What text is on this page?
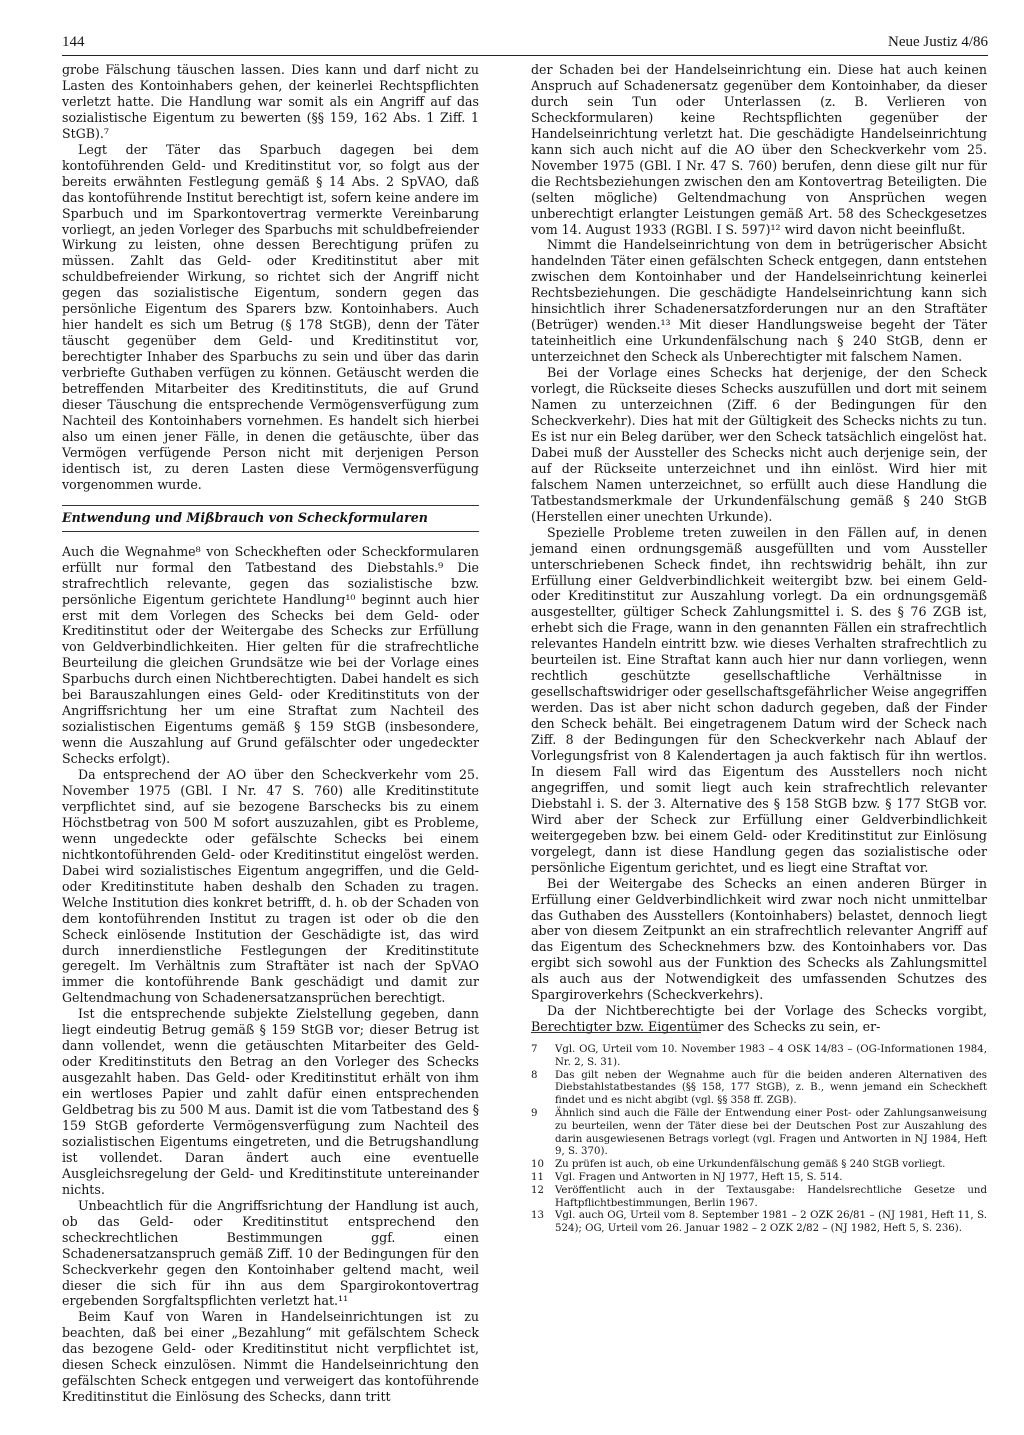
144	Neue Justiz 4/86

grobe Fälschung täuschen lassen. Dies kann und darf nicht zu Lasten des Kontoinhabers gehen, der keinerlei Rechtspflichten verletzt hatte. Die Handlung war somit als ein Angriff auf das sozialistische Eigentum zu bewerten (§§ 159, 162 Abs. 1 Ziff. 1 StGB).⁷

Legt der Täter das Sparbuch dagegen bei dem kontoführenden Geld- und Kreditinstitut vor, so folgt aus der bereits erwähnten Festlegung gemäß § 14 Abs. 2 SpVAO, daß das kontoführende Institut berechtigt ist, sofern keine andere im Sparbuch und im Sparkontovertrag vermerkte Vereinbarung vorliegt, an jeden Vorleger des Sparbuchs mit schuldbefreiender Wirkung zu leisten, ohne dessen Berechtigung prüfen zu müssen. Zahlt das Geld- oder Kreditinstitut aber mit schuldbefreiender Wirkung, so richtet sich der Angriff nicht gegen das sozialistische Eigentum, sondern gegen das persönliche Eigentum des Sparers bzw. Kontoinhabers. Auch hier handelt es sich um Betrug (§ 178 StGB), denn der Täter täuscht gegenüber dem Geld- und Kreditinstitut vor, berechtigter Inhaber des Sparbuchs zu sein und über das darin verbriefte Guthaben verfügen zu können. Getäuscht werden die betreffenden Mitarbeiter des Kreditinstituts, die auf Grund dieser Täuschung die entsprechende Vermögensverfügung zum Nachteil des Kontoinhabers vornehmen. Es handelt sich hierbei also um einen jener Fälle, in denen die getäuschte, über das Vermögen verfügende Person nicht mit derjenigen Person identisch ist, zu deren Lasten diese Vermögensverfügung vorgenommen wurde.

Entwendung und Mißbrauch von Scheckformularen

Auch die Wegnahme⁸ von Scheckheften oder Scheckformularen erfüllt nur formal den Tatbestand des Diebstahls.⁹ Die strafrechtlich relevante, gegen das sozialistische bzw. persönliche Eigentum gerichtete Handlung¹⁰ beginnt auch hier erst mit dem Vorlegen des Schecks bei dem Geld- oder Kreditinstitut oder der Weitergabe des Schecks zur Erfüllung von Geldverbindlichkeiten. Hier gelten für die strafrechtliche Beurteilung die gleichen Grundsätze wie bei der Vorlage eines Sparbuchs durch einen Nichtberechtigten. Dabei handelt es sich bei Barauszahlungen eines Geld- oder Kreditinstituts von der Angriffsrichtung her um eine Straftat zum Nachteil des sozialistischen Eigentums gemäß § 159 StGB (insbesondere, wenn die Auszahlung auf Grund gefälschter oder ungedeckter Schecks erfolgt).

Da entsprechend der AO über den Scheckverkehr vom 25. November 1975 (GBl. I Nr. 47 S. 760) alle Kreditinstitute verpflichtet sind, auf sie bezogene Barschecks bis zu einem Höchstbetrag von 500 M sofort auszuzahlen, gibt es Probleme, wenn ungedeckte oder gefälschte Schecks bei einem nichtkontoführenden Geld- oder Kreditinstitut eingelöst werden. Dabei wird sozialistisches Eigentum angegriffen, und die Geld- oder Kreditinstitute haben deshalb den Schaden zu tragen. Welche Institution dies konkret betrifft, d. h. ob der Schaden von dem kontoführenden Institut zu tragen ist oder ob die den Scheck einlösende Institution der Geschädigte ist, das wird durch innerdienstliche Festlegungen der Kreditinstitute geregelt. Im Verhältnis zum Straftäter ist nach der SpVAO immer die kontoführende Bank geschädigt und damit zur Geltendmachung von Schadenersatzansprüchen berechtigt.

Ist die entsprechende subjekte Zielstellung gegeben, dann liegt eindeutig Betrug gemäß § 159 StGB vor; dieser Betrug ist dann vollendet, wenn die getäuschten Mitarbeiter des Geld- oder Kreditinstituts den Betrag an den Vorleger des Schecks ausgezahlt haben. Das Geld- oder Kreditinstitut erhält von ihm ein wertloses Papier und zahlt dafür einen entsprechenden Geldbetrag bis zu 500 M aus. Damit ist die vom Tatbestand des § 159 StGB geforderte Vermögensverfügung zum Nachteil des sozialistischen Eigentums eingetreten, und die Betrugshandlung ist vollendet. Daran ändert auch eine eventuelle Ausgleichsregelung der Geld- und Kreditinstitute untereinander nichts.

Unbeachtlich für die Angriffsrichtung der Handlung ist auch, ob das Geld- oder Kreditinstitut entsprechend den scheckrechtlichen Bestimmungen ggf. einen Schadenersatzanspruch gemäß Ziff. 10 der Bedingungen für den Scheckverkehr gegen den Kontoinhaber geltend macht, weil dieser die sich für ihn aus dem Spargirokontovertrag ergebenden Sorgfaltspflichten verletzt hat.¹¹

Beim Kauf von Waren in Handelseinrichtungen ist zu beachten, daß bei einer „Bezahlung“ mit gefälschtem Scheck das bezogene Geld- oder Kreditinstitut nicht verpflichtet ist, diesen Scheck einzulösen. Nimmt die Handelseinrichtung den gefälschten Scheck entgegen und verweigert das kontoführende Kreditinstitut die Einlösung des Schecks, dann tritt

der Schaden bei der Handelseinrichtung ein. Diese hat auch keinen Anspruch auf Schadenersatz gegenüber dem Kontoinhaber, da dieser durch sein Tun oder Unterlassen (z. B. Verlieren von Scheckformularen) keine Rechtspflichten gegenüber der Handelseinrichtung verletzt hat. Die geschädigte Handelseinrichtung kann sich auch nicht auf die AO über den Scheckverkehr vom 25. November 1975 (GBl. I Nr. 47 S. 760) berufen, denn diese gilt nur für die Rechtsbeziehungen zwischen den am Kontovertrag Beteiligten. Die (selten mögliche) Geltendmachung von Ansprüchen wegen unberechtigt erlangter Leistungen gemäß Art. 58 des Scheckgesetzes vom 14. August 1933 (RGBl. I S. 597)¹² wird davon nicht beeinflußt.

Nimmt die Handelseinrichtung von dem in betrügerischer Absicht handelnden Täter einen gefälschten Scheck entgegen, dann entstehen zwischen dem Kontoinhaber und der Handelseinrichtung keinerlei Rechtsbeziehungen. Die geschädigte Handelseinrichtung kann sich hinsichtlich ihrer Schadenersatzforderungen nur an den Straftäter (Betrüger) wenden.¹³ Mit dieser Handlungsweise begeht der Täter tateinheitlich eine Urkundenfälschung nach § 240 StGB, denn er unterzeichnet den Scheck als Unberechtigter mit falschem Namen.

Bei der Vorlage eines Schecks hat derjenige, der den Scheck vorlegt, die Rückseite dieses Schecks auszufüllen und dort mit seinem Namen zu unterzeichnen (Ziff. 6 der Bedingungen für den Scheckverkehr). Dies hat mit der Gültigkeit des Schecks nichts zu tun. Es ist nur ein Beleg darüber, wer den Scheck tatsächlich eingelöst hat. Dabei muß der Aussteller des Schecks nicht auch derjenige sein, der auf der Rückseite unterzeichnet und ihn einlöst. Wird hier mit falschem Namen unterzeichnet, so erfüllt auch diese Handlung die Tatbestandsmerkmale der Urkundenfälschung gemäß § 240 StGB (Herstellen einer unechten Urkunde).

Spezielle Probleme treten zuweilen in den Fällen auf, in denen jemand einen ordnungsgemäß ausgefüllten und vom Aussteller unterschriebenen Scheck findet, ihn rechtswidrig behält, ihn zur Erfüllung einer Geldverbindlichkeit weitergibt bzw. bei einem Geld- oder Kreditinstitut zur Auszahlung vorlegt. Da ein ordnungsgemäß ausgestellter, gültiger Scheck Zahlungsmittel i. S. des § 76 ZGB ist, erhebt sich die Frage, wann in den genannten Fällen ein strafrechtlich relevantes Handeln eintritt bzw. wie dieses Verhalten strafrechtlich zu beurteilen ist. Eine Straftat kann auch hier nur dann vorliegen, wenn rechtlich geschützte gesellschaftliche Verhältnisse in gesellschaftswidriger oder gesellschaftsgefährlicher Weise angegriffen werden. Das ist aber nicht schon dadurch gegeben, daß der Finder den Scheck behält. Bei eingetragenem Datum wird der Scheck nach Ziff. 8 der Bedingungen für den Scheckverkehr nach Ablauf der Vorlegungsfrist von 8 Kalendertagen ja auch faktisch für ihn wertlos. In diesem Fall wird das Eigentum des Ausstellers noch nicht angegriffen, und somit liegt auch kein strafrechtlich relevanter Diebstahl i. S. der 3. Alternative des § 158 StGB bzw. § 177 StGB vor. Wird aber der Scheck zur Erfüllung einer Geldverbindlichkeit weitergegeben bzw. bei einem Geld- oder Kreditinstitut zur Einlösung vorgelegt, dann ist diese Handlung gegen das sozialistische oder persönliche Eigentum gerichtet, und es liegt eine Straftat vor.

Bei der Weitergabe des Schecks an einen anderen Bürger in Erfüllung einer Geldverbindlichkeit wird zwar noch nicht unmittelbar das Guthaben des Ausstellers (Kontoinhabers) belastet, dennoch liegt aber von diesem Zeitpunkt an ein strafrechtlich relevanter Angriff auf das Eigentum des Schecknehmers bzw. des Kontoinhabers vor. Das ergibt sich sowohl aus der Funktion des Schecks als Zahlungsmittel als auch aus der Notwendigkeit des umfassenden Schutzes des Spargiroverkehrs (Scheckverkehrs).

Da der Nichtberechtigte bei der Vorlage des Schecks vorgibt, Berechtigter bzw. Eigentümer des Schecks zu sein, er-

7	Vgl. OG, Urteil vom 10. November 1983 – 4 OSK 14/83 – (OG-Informationen 1984, Nr. 2, S. 31).
8	Das gilt neben der Wegnahme auch für die beiden anderen Alternativen des Diebstahlstatbestandes (§§ 158, 177 StGB), z. B., wenn jemand ein Scheckheft findet und es nicht abgibt (vgl. §§ 358 ff. ZGB).
9	Ähnlich sind auch die Fälle der Entwendung einer Post- oder Zahlungsanweisung zu beurteilen, wenn der Täter diese bei der Deutschen Post zur Auszahlung des darin ausgewiesenen Betrags vorlegt (vgl. Fragen und Antworten in NJ 1984, Heft 9, S. 370).
10	Zu prüfen ist auch, ob eine Urkundenfälschung gemäß § 240 StGB vorliegt.
11	Vgl. Fragen und Antworten in NJ 1977, Heft 15, S. 514.
12	Veröffentlicht auch in der Textausgabe: Handelsrechtliche Gesetze und Haftpflichtbestimmungen, Berlin 1967.
13	Vgl. auch OG, Urteil vom 8. September 1981 – 2 OZK 26/81 – (NJ 1981, Heft 11, S. 524); OG, Urteil vom 26. Januar 1982 – 2 OZK 2/82 – (NJ 1982, Heft 5, S. 236).
